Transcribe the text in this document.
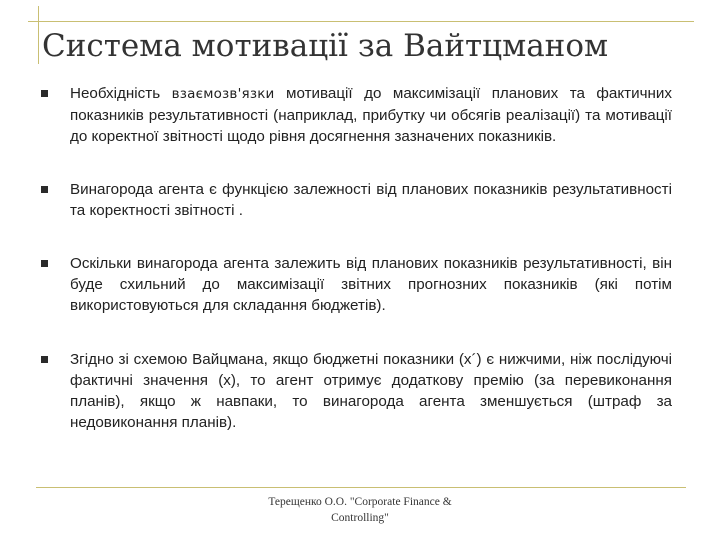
Система мотивації за Вайтцманом
Необхідність взаємозв'язки мотивації до максимізації планових та фактичних показників результативності (наприклад, прибутку чи обсягів реалізації) та мотивації до коректної звітності щодо рівня досягнення зазначених показників.
Винагорода агента є функцією залежності від планових показників результативності та коректності звітності .
Оскільки винагорода агента залежить від планових показників результативності, він буде схильний до максимізації звітних прогнозних показників (які потім використовуються для складання бюджетів).
Згідно зі схемою Вайцмана, якщо бюджетні показники (х´) є нижчими, ніж послідуючі фактичні значення (х), то агент отримує додаткову премію (за перевиконання планів), якщо ж навпаки, то винагорода агента зменшується (штраф за недовиконання планів).
Терещенко О.О. "Corporate Finance &
Controlling"
